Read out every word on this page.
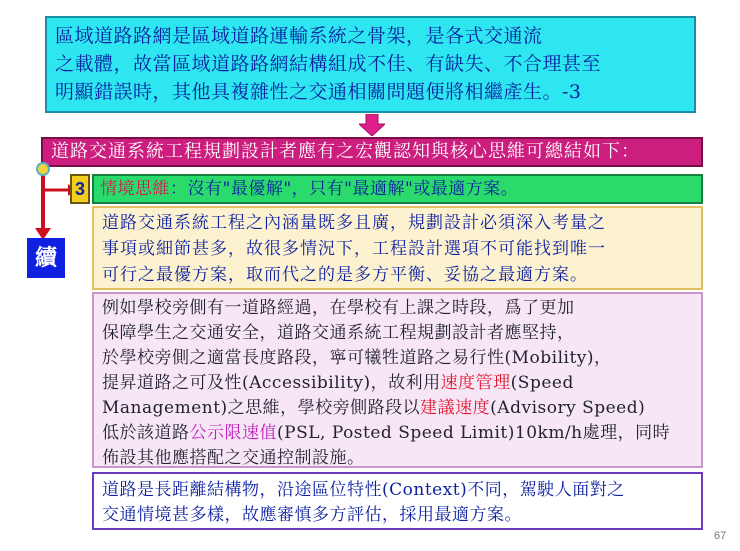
區域道路路網是區域道路運輸系統之骨架，是各式交通流
之載體，故當區域道路路網結構組成不佳、有缺失、不合理甚至
明顯錯誤時，其他具複雜性之交通相關問題便將相繼產生。-3
道路交通系統工程規劃設計者應有之宏觀認知與核心思維可總結如下：
續
3 情境思維：沒有"最優解"，只有"最適解"或最適方案。
道路交通系統工程之內涵量既多且廣，規劃設計必須深入考量之
事項或細節甚多，故很多情況下，工程設計選項不可能找到唯一
可行之最優方案，取而代之的是多方平衡、妥協之最適方案。
例如學校旁側有一道路經過，在學校有上課之時段，爲了更加
保障學生之交通安全，道路交通系統工程規劃設計者應堅持，
於學校旁側之適當長度路段，寧可犧牲道路之易行性(Mobility)，
提昇道路之可及性(Accessibility)，故利用速度管理(Speed
Management)之思維，學校旁側路段以建議速度(Advisory Speed)
低於該道路公示限速值(PSL, Posted Speed Limit)10km/h處理，同時
佈設其他應搭配之交通控制設施。
道路是長距離結構物，沿途區位特性(Context)不同，駕駛人面對之
交通情境甚多樣，故應審慎多方評估，採用最適方案。
67
